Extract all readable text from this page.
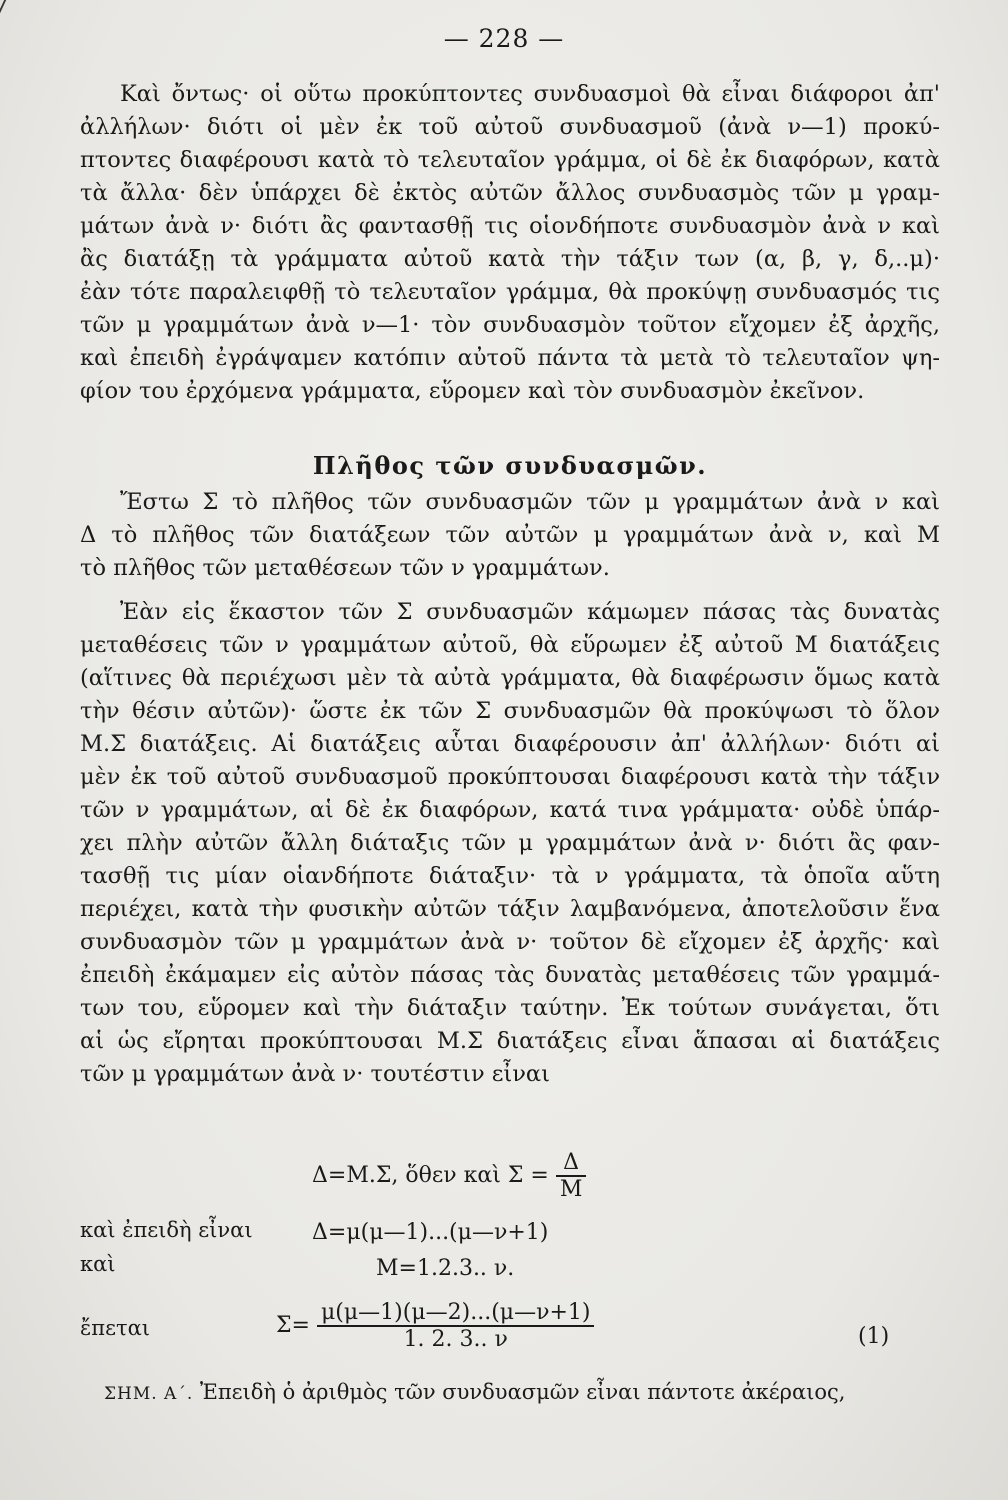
— 228 —
Καὶ ὄντως· οἱ οὕτω προκύπτοντες συνδυασμοὶ θὰ εἶναι διάφοροι ἀπ'
ἀλλήλων· διότι οἱ μὲν ἐκ τοῦ αὐτοῦ συνδυασμοῦ (ἀνὰ ν—1) προκύ-
πτοντες διαφέρουσι κατὰ τὸ τελευταῖον γράμμα, οἱ δὲ ἐκ διαφόρων, κατὰ
τὰ ἄλλα· δὲν ὑπάρχει δὲ ἐκτὸς αὐτῶν ἄλλος συνδυασμὸς τῶν μ γραμ-
μάτων ἀνὰ ν· διότι ἂς φαντασθῇ τις οἱονδήποτε συνδυασμὸν ἀνὰ ν καὶ
ἂς διατάξῃ τὰ γράμματα αὐτοῦ κατὰ τὴν τάξιν των (α, β, γ, δ,..μ)·
ἐὰν τότε παραλειφθῇ τὸ τελευταῖον γράμμα, θὰ προκύψῃ συνδυασμός τις
τῶν μ γραμμάτων ἀνὰ ν—1· τὸν συνδυασμὸν τοῦτον εἴχομεν ἐξ ἀρχῆς,
καὶ ἐπειδὴ ἐγράψαμεν κατόπιν αὐτοῦ πάντα τὰ μετὰ τὸ τελευταῖον ψη-
φίον του ἐρχόμενα γράμματα, εὕρομεν καὶ τὸν συνδυασμὸν ἐκεῖνον.
Πλῆθος τῶν συνδυασμῶν.
Ἔστω Σ τὸ πλῆθος τῶν συνδυασμῶν τῶν μ γραμμάτων ἀνὰ ν καὶ
Δ τὸ πλῆθος τῶν διατάξεων τῶν αὐτῶν μ γραμμάτων ἀνὰ ν, καὶ Μ
τὸ πλῆθος τῶν μεταθέσεων τῶν ν γραμμάτων.
Ἐὰν εἰς ἕκαστον τῶν Σ συνδυασμῶν κάμωμεν πάσας τὰς δυνατὰς
μεταθέσεις τῶν ν γραμμάτων αὐτοῦ, θὰ εὕρωμεν ἐξ αὐτοῦ Μ διατάξεις
(αἵτινες θὰ περιέχωσι μὲν τὰ αὐτὰ γράμματα, θὰ διαφέρωσιν ὅμως κατὰ
τὴν θέσιν αὐτῶν)· ὥστε ἐκ τῶν Σ συνδυασμῶν θὰ προκύψωσι τὸ ὅλον
Μ.Σ διατάξεις. Αἱ διατάξεις αὗται διαφέρουσιν ἀπ' ἀλλήλων· διότι αἱ
μὲν ἐκ τοῦ αὐτοῦ συνδυασμοῦ προκύπτουσαι διαφέρουσι κατὰ τὴν τάξιν
τῶν ν γραμμάτων, αἱ δὲ ἐκ διαφόρων, κατά τινα γράμματα· οὐδὲ ὑπάρ-
χει πλὴν αὐτῶν ἄλλη διάταξις τῶν μ γραμμάτων ἀνὰ ν· διότι ἂς φαν-
τασθῇ τις μίαν οἱανδήποτε διάταξιν· τὰ ν γράμματα, τὰ ὁποῖα αὕτη
περιέχει, κατὰ τὴν φυσικὴν αὐτῶν τάξιν λαμβανόμενα, ἀποτελοῦσιν ἕνα
συνδυασμὸν τῶν μ γραμμάτων ἀνὰ ν· τοῦτον δὲ εἴχομεν ἐξ ἀρχῆς· καὶ
ἐπειδὴ ἐκάμαμεν εἰς αὐτὸν πάσας τὰς δυνατὰς μεταθέσεις τῶν γραμμά-
των του, εὕρομεν καὶ τὴν διάταξιν ταύτην. Ἐκ τούτων συνάγεται, ὅτι
αἱ ὡς εἴρηται προκύπτουσαι Μ.Σ διατάξεις εἶναι ἅπασαι αἱ διατάξεις
τῶν μ γραμμάτων ἀνὰ ν· τουτέστιν εἶναι
Δ=Μ.Σ, ὅθεν καὶ $\Sigma = \frac{\Delta}{M}$
καὶ ἐπειδὴ εἶναι	Δ=μ(μ—1)...(μ—ν+1)
καὶ	Μ=1.2.3.. ν.
ἔπεται	$\Sigma= \frac{\mu(\mu—1)(\mu—2)...(\mu—\nu+1)}{1. 2. 3.. \nu}$	(1)
ΣΗΜ. Α΄. Ἐπειδὴ ὁ ἀριθμὸς τῶν συνδυασμῶν εἶναι πάντοτε ἀκέραιος,
